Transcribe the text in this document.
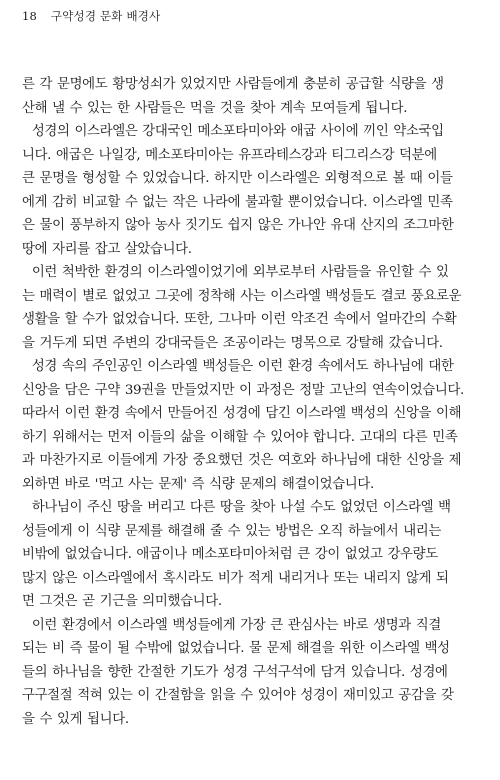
18 구약성경 문화 배경사
른 각 문명에도 황망성쇠가 있었지만 사람들에게 충분히 공급할 식량을 생
산해 낼 수 있는 한 사람들은 먹을 것을 찾아 계속 모여들게 됩니다.
성경의 이스라엘은 강대국인 메소포타미아와 애굽 사이에 끼인 약소국입
니다. 애굽은 나일강, 메소포타미아는 유프라테스강과 티그리스강 덕분에
큰 문명을 형성할 수 있었습니다. 하지만 이스라엘은 외형적으로 볼 때 이들
에게 감히 비교할 수 없는 작은 나라에 불과할 뿐이었습니다. 이스라엘 민족
은 물이 풍부하지 않아 농사 짓기도 쉽지 않은 가나안 유대 산지의 조그마한
땅에 자리를 잡고 살았습니다.
이런 척박한 환경의 이스라엘이었기에 외부로부터 사람들을 유인할 수 있
는 매력이 별로 없었고 그곳에 정착해 사는 이스라엘 백성들도 결코 풍요로운
생활을 할 수가 없었습니다. 또한, 그나마 이런 악조건 속에서 얼마간의 수확
을 거두게 되면 주변의 강대국들은 조공이라는 명목으로 강탈해 갔습니다.
성경 속의 주인공인 이스라엘 백성들은 이런 환경 속에서도 하나님에 대한
신앙을 담은 구약 39권을 만들었지만 이 과정은 정말 고난의 연속이었습니다.
따라서 이런 환경 속에서 만들어진 성경에 담긴 이스라엘 백성의 신앙을 이해
하기 위해서는 먼저 이들의 삶을 이해할 수 있어야 합니다. 고대의 다른 민족
과 마찬가지로 이들에게 가장 중요했던 것은 여호와 하나님에 대한 신앙을 제
외하면 바로 '먹고 사는 문제' 즉 식량 문제의 해결이었습니다.
하나님이 주신 땅을 버리고 다른 땅을 찾아 나설 수도 없었던 이스라엘 백
성들에게 이 식량 문제를 해결해 줄 수 있는 방법은 오직 하늘에서 내리는
비밖에 없었습니다. 애굽이나 메소포타미아처럼 큰 강이 없었고 강우량도
많지 않은 이스라엘에서 혹시라도 비가 적게 내리거나 또는 내리지 않게 되
면 그것은 곧 기근을 의미했습니다.
이런 환경에서 이스라엘 백성들에게 가장 큰 관심사는 바로 생명과 직결
되는 비 즉 물이 될 수밖에 없었습니다. 물 문제 해결을 위한 이스라엘 백성
들의 하나님을 향한 간절한 기도가 성경 구석구석에 담겨 있습니다. 성경에
구구절절 적혀 있는 이 간절함을 읽을 수 있어야 성경이 재미있고 공감을 갖
을 수 있게 됩니다.
